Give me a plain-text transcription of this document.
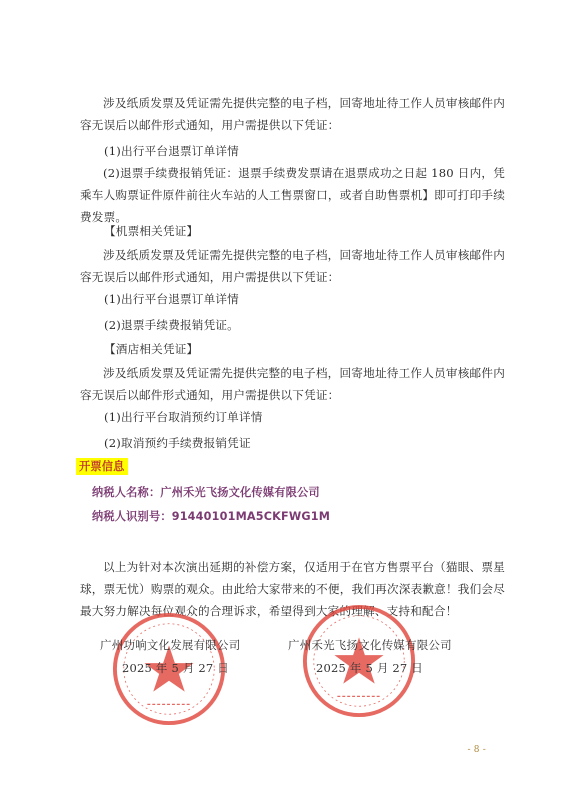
涉及纸质发票及凭证需先提供完整的电子档，回寄地址待工作人员审核邮件内容无误后以邮件形式通知，用户需提供以下凭证：
(1)出行平台退票订单详情
(2)退票手续费报销凭证：退票手续费发票请在退票成功之日起 180 日内，凭乘车人购票证件原件前往火车站的人工售票窗口，或者自助售票机】即可打印手续费发票。
【机票相关凭证】
涉及纸质发票及凭证需先提供完整的电子档，回寄地址待工作人员审核邮件内容无误后以邮件形式通知，用户需提供以下凭证：
(1)出行平台退票订单详情
(2)退票手续费报销凭证。
【酒店相关凭证】
涉及纸质发票及凭证需先提供完整的电子档，回寄地址待工作人员审核邮件内容无误后以邮件形式通知，用户需提供以下凭证：
(1)出行平台取消预约订单详情
(2)取消预约手续费报销凭证
开票信息
纳税人名称：广州禾光飞扬文化传媒有限公司
纳税人识别号：91440101MA5CKFWG1M
以上为针对本次演出延期的补偿方案，仅适用于在官方售票平台（猫眼、票星球，票无忧）购票的观众。由此给大家带来的不便，我们再次深表歉意！我们会尽最大努力解决每位观众的合理诉求，希望得到大家的理解、支持和配合！
广州功响文化发展有限公司
2025 年 5 月 27 日
广州禾光飞扬文化传媒有限公司
2025 年 5 月 27 日
- 8 -
